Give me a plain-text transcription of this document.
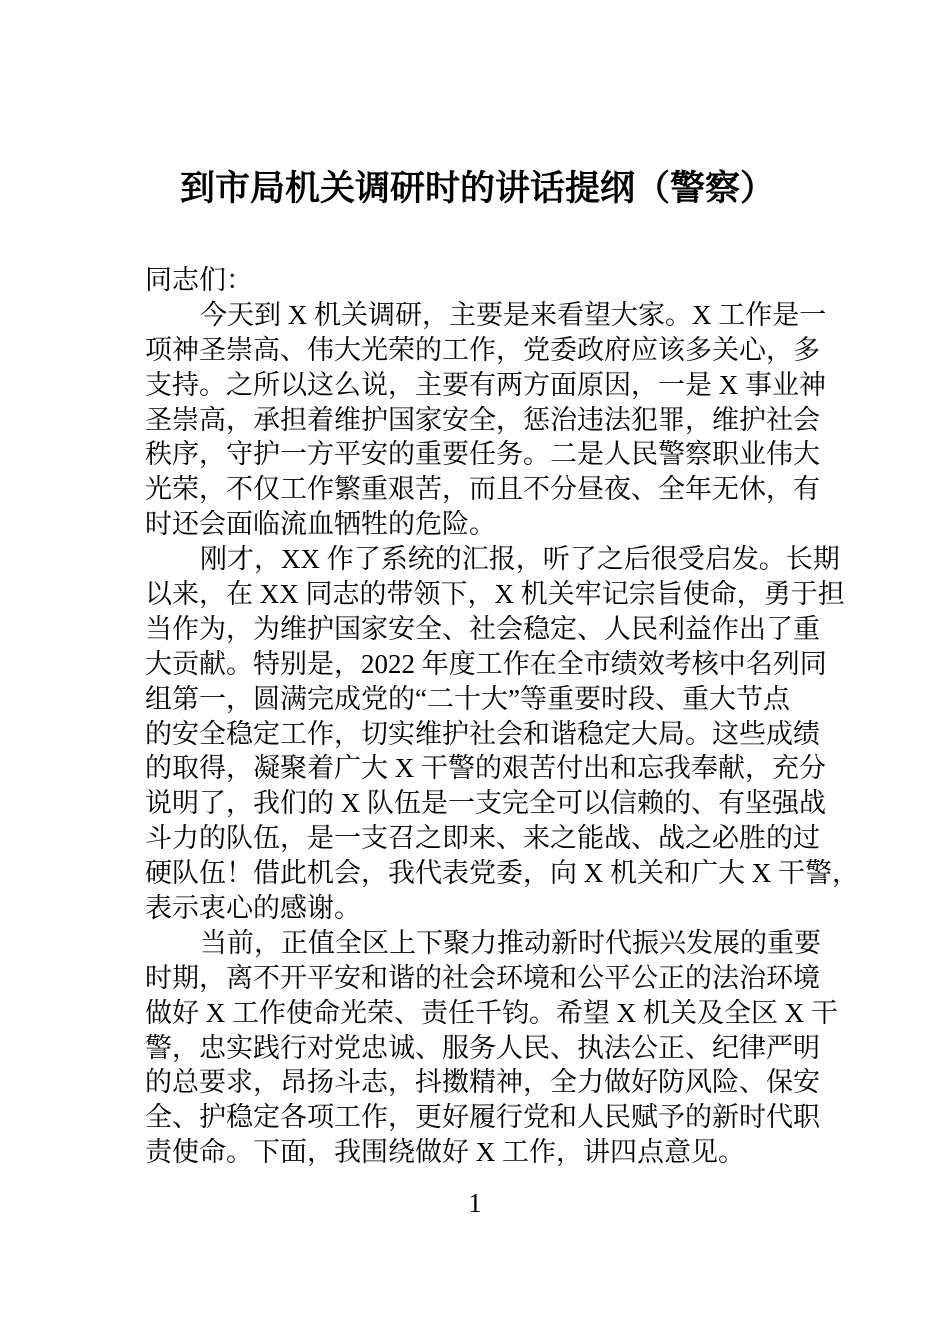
到市局机关调研时的讲话提纲（警察）
同志们：
今天到 X 机关调研，主要是来看望大家。X 工作是一
项神圣崇高、伟大光荣的工作，党委政府应该多关心，多
支持。之所以这么说，主要有两方面原因，一是 X 事业神
圣崇高，承担着维护国家安全，惩治违法犯罪，维护社会
秩序，守护一方平安的重要任务。二是人民警察职业伟大
光荣，不仅工作繁重艰苦，而且不分昼夜、全年无休，有
时还会面临流血牺牲的危险。
刚才，XX 作了系统的汇报，听了之后很受启发。长期
以来，在 XX 同志的带领下，X 机关牢记宗旨使命，勇于担
当作为，为维护国家安全、社会稳定、人民利益作出了重
大贡献。特别是，2022 年度工作在全市绩效考核中名列同
组第一，圆满完成党的“二十大”等重要时段、重大节点
的安全稳定工作，切实维护社会和谐稳定大局。这些成绩
的取得，凝聚着广大 X 干警的艰苦付出和忘我奉献，充分
说明了，我们的 X 队伍是一支完全可以信赖的、有坚强战
斗力的队伍，是一支召之即来、来之能战、战之必胜的过
硬队伍！借此机会，我代表党委，向 X 机关和广大 X 干警，
表示衷心的感谢。
当前，正值全区上下聚力推动新时代振兴发展的重要
时期，离不开平安和谐的社会环境和公平公正的法治环境
做好 X 工作使命光荣、责任千钧。希望 X 机关及全区 X 干
警，忠实践行对党忠诚、服务人民、执法公正、纪律严明
的总要求，昂扬斗志，抖擞精神，全力做好防风险、保安
全、护稳定各项工作，更好履行党和人民赋予的新时代职
责使命。下面，我围绕做好 X 工作，讲四点意见。
1
